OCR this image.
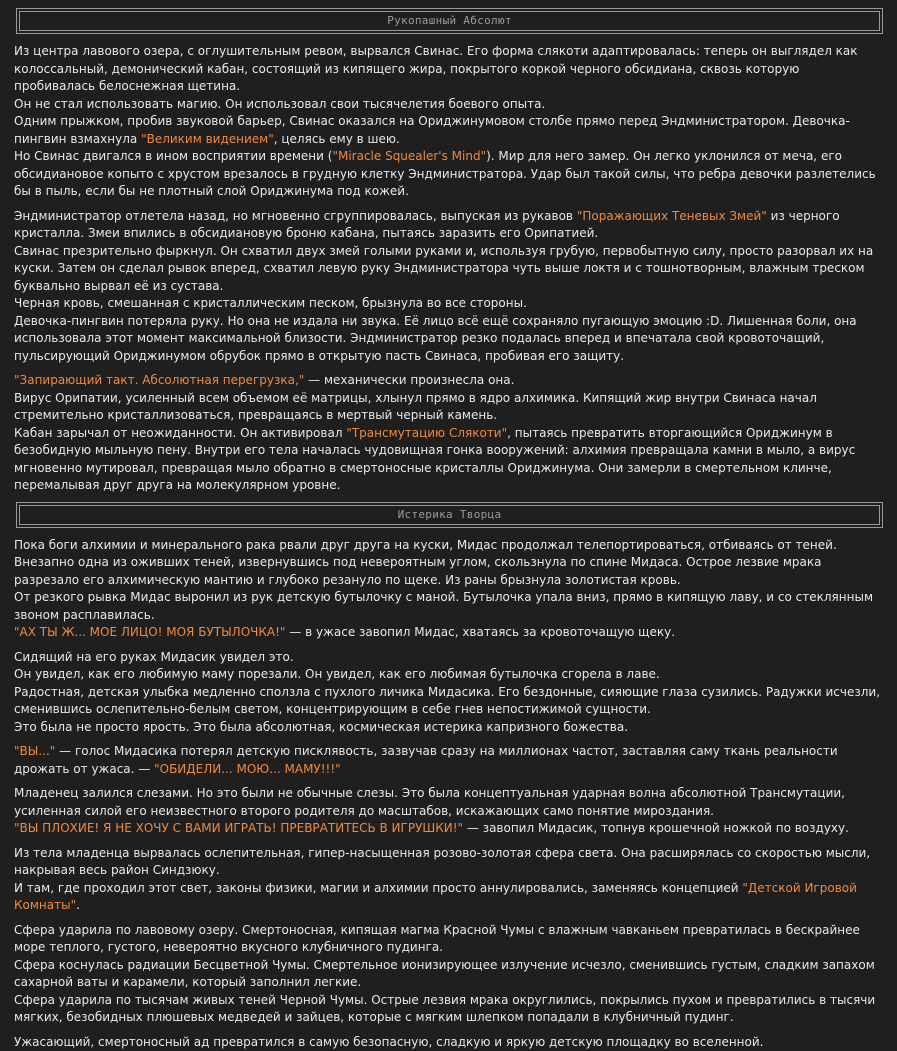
Рукопашный Абсолют

Из центра лавового озера, с оглушительным ревом, вырвался Свинас. Его форма слякоти адаптировалась: теперь он выглядел как колоссальный, демонический кабан, состоящий из кипящего жира, покрытого коркой черного обсидиана, сквозь которую пробивалась белоснежная щетина.
Он не стал использовать магию. Он использовал свои тысячелетия боевого опыта.
Одним прыжком, пробив звуковой барьер, Свинас оказался на Ориджинумовом столбе прямо перед Эндминистратором. Девочка-пингвин взмахнула "Великим видением", целясь ему в шею.
Но Свинас двигался в ином восприятии времени ("Miracle Squealer's Mind"). Мир для него замер. Он легко уклонился от меча, его обсидиановое копыто с хрустом врезалось в грудную клетку Эндминистратора. Удар был такой силы, что ребра девочки разлетелись бы в пыль, если бы не плотный слой Ориджинума под кожей.

Эндминистратор отлетела назад, но мгновенно сгруппировалась, выпуская из рукавов "Поражающих Теневых Змей" из черного кристалла. Змеи впились в обсидиановую броню кабана, пытаясь заразить его Орипатией.
Свинас презрительно фыркнул. Он схватил двух змей голыми руками и, используя грубую, первобытную силу, просто разорвал их на куски. Затем он сделал рывок вперед, схватил левую руку Эндминистратора чуть выше локтя и с тошнотворным, влажным треском буквально вырвал её из сустава.
Черная кровь, смешанная с кристаллическим песком, брызнула во все стороны.
Девочка-пингвин потеряла руку. Но она не издала ни звука. Её лицо всё ещё сохраняло пугающую эмоцию :D. Лишенная боли, она использовала этот момент максимальной близости. Эндминистратор резко подалась вперед и впечатала свой кровоточащий, пульсирующий Ориджинумом обрубок прямо в открытую пасть Свинаса, пробивая его защиту.

"Запирающий такт. Абсолютная перегрузка," — механически произнесла она.
Вирус Орипатии, усиленный всем объемом её матрицы, хлынул прямо в ядро алхимика. Кипящий жир внутри Свинаса начал стремительно кристаллизоваться, превращаясь в мертвый черный камень.
Кабан зарычал от неожиданности. Он активировал "Трансмутацию Слякоти", пытаясь превратить вторгающийся Ориджинум в безобидную мыльную пену. Внутри его тела началась чудовищная гонка вооружений: алхимия превращала камни в мыло, а вирус мгновенно мутировал, превращая мыло обратно в смертоносные кристаллы Ориджинума. Они замерли в смертельном клинче, перемалывая друг друга на молекулярном уровне.

Истерика Творца

Пока боги алхимии и минерального рака рвали друг друга на куски, Мидас продолжал телепортироваться, отбиваясь от теней.
Внезапно одна из оживших теней, извернувшись под невероятным углом, скользнула по спине Мидаса. Острое лезвие мрака разрезало его алхимическую мантию и глубоко резануло по щеке. Из раны брызнула золотистая кровь.
От резкого рывка Мидас выронил из рук детскую бутылочку с маной. Бутылочка упала вниз, прямо в кипящую лаву, и со стеклянным звоном расплавилась.
"АХ ТЫ Ж... МОЕ ЛИЦО! МОЯ БУТЫЛОЧКА!" — в ужасе завопил Мидас, хватаясь за кровоточащую щеку.

Сидящий на его руках Мидасик увидел это.
Он увидел, как его любимую маму порезали. Он увидел, как его любимая бутылочка сгорела в лаве.
Радостная, детская улыбка медленно сползла с пухлого личика Мидасика. Его бездонные, сияющие глаза сузились. Радужки исчезли, сменившись ослепительно-белым светом, концентрирующим в себе гнев непостижимой сущности.
Это была не просто ярость. Это была абсолютная, космическая истерика капризного божества.

"ВЫ..." — голос Мидасика потерял детскую писклявость, зазвучав сразу на миллионах частот, заставляя саму ткань реальности дрожать от ужаса. — "ОБИДЕЛИ... МОЮ... МАМУ!!!"

Младенец залился слезами. Но это были не обычные слезы. Это была концептуальная ударная волна абсолютной Трансмутации, усиленная силой его неизвестного второго родителя до масштабов, искажающих само понятие мироздания.
"ВЫ ПЛОХИЕ! Я НЕ ХОЧУ С ВАМИ ИГРАТЬ! ПРЕВРАТИТЕСЬ В ИГРУШКИ!" — завопил Мидасик, топнув крошечной ножкой по воздуху.

Из тела младенца вырвалась ослепительная, гипер-насыщенная розово-золотая сфера света. Она расширялась со скоростью мысли, накрывая весь район Синдзюку.
И там, где проходил этот свет, законы физики, магии и алхимии просто аннулировались, заменяясь концепцией "Детской Игровой Комнаты".

Сфера ударила по лавовому озеру. Смертоносная, кипящая магма Красной Чумы с влажным чавканьем превратилась в бескрайнее море теплого, густого, невероятно вкусного клубничного пудинга.
Сфера коснулась радиации Бесцветной Чумы. Смертельное ионизирующее излучение исчезло, сменившись густым, сладким запахом сахарной ваты и карамели, который заполнил легкие.
Сфера ударила по тысячам живых теней Черной Чумы. Острые лезвия мрака округлились, покрылись пухом и превратились в тысячи мягких, безобидных плюшевых медведей и зайцев, которые с мягким шлепком попадали в клубничный пудинг.

Ужасающий, смертоносный ад превратился в самую безопасную, сладкую и яркую детскую площадку во вселенной.
